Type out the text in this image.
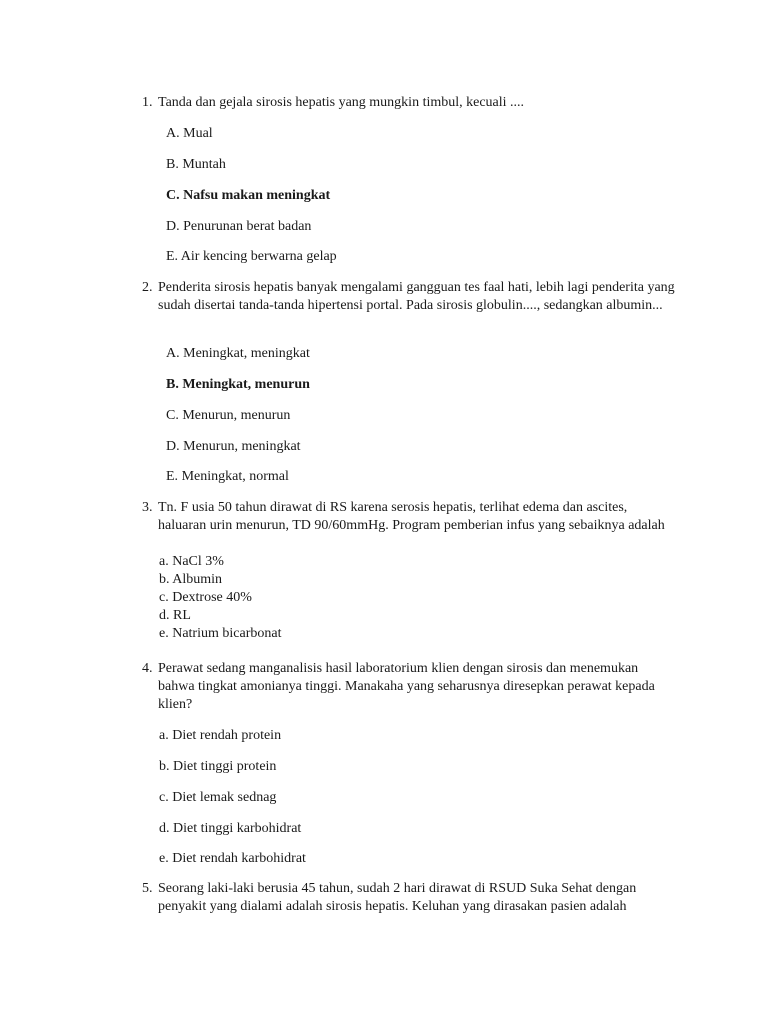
1. Tanda dan gejala sirosis hepatis yang mungkin timbul, kecuali ....
A. Mual
B. Muntah
C. Nafsu makan meningkat
D. Penurunan berat badan
E. Air kencing berwarna gelap
2. Penderita sirosis hepatis banyak mengalami gangguan tes faal hati, lebih lagi penderita yang sudah disertai tanda-tanda hipertensi portal. Pada sirosis globulin...., sedangkan albumin...
A. Meningkat, meningkat
B. Meningkat, menurun
C. Menurun, menurun
D. Menurun, meningkat
E. Meningkat, normal
3. Tn. F usia 50 tahun dirawat di RS karena serosis hepatis, terlihat edema dan ascites, haluaran urin menurun, TD 90/60mmHg. Program pemberian infus yang sebaiknya adalah
a. NaCl 3%
b. Albumin
c. Dextrose 40%
d. RL
e. Natrium bicarbonat
4. Perawat sedang manganalisis hasil laboratorium klien dengan sirosis dan menemukan bahwa tingkat amonianya tinggi. Manakaha yang seharusnya diresepkan perawat kepada klien?
a. Diet rendah protein
b. Diet tinggi protein
c. Diet lemak sednag
d. Diet tinggi karbohidrat
e. Diet rendah karbohidrat
5. Seorang laki-laki berusia 45 tahun, sudah 2 hari dirawat di RSUD Suka Sehat dengan penyakit yang dialami adalah sirosis hepatis. Keluhan yang dirasakan pasien adalah
